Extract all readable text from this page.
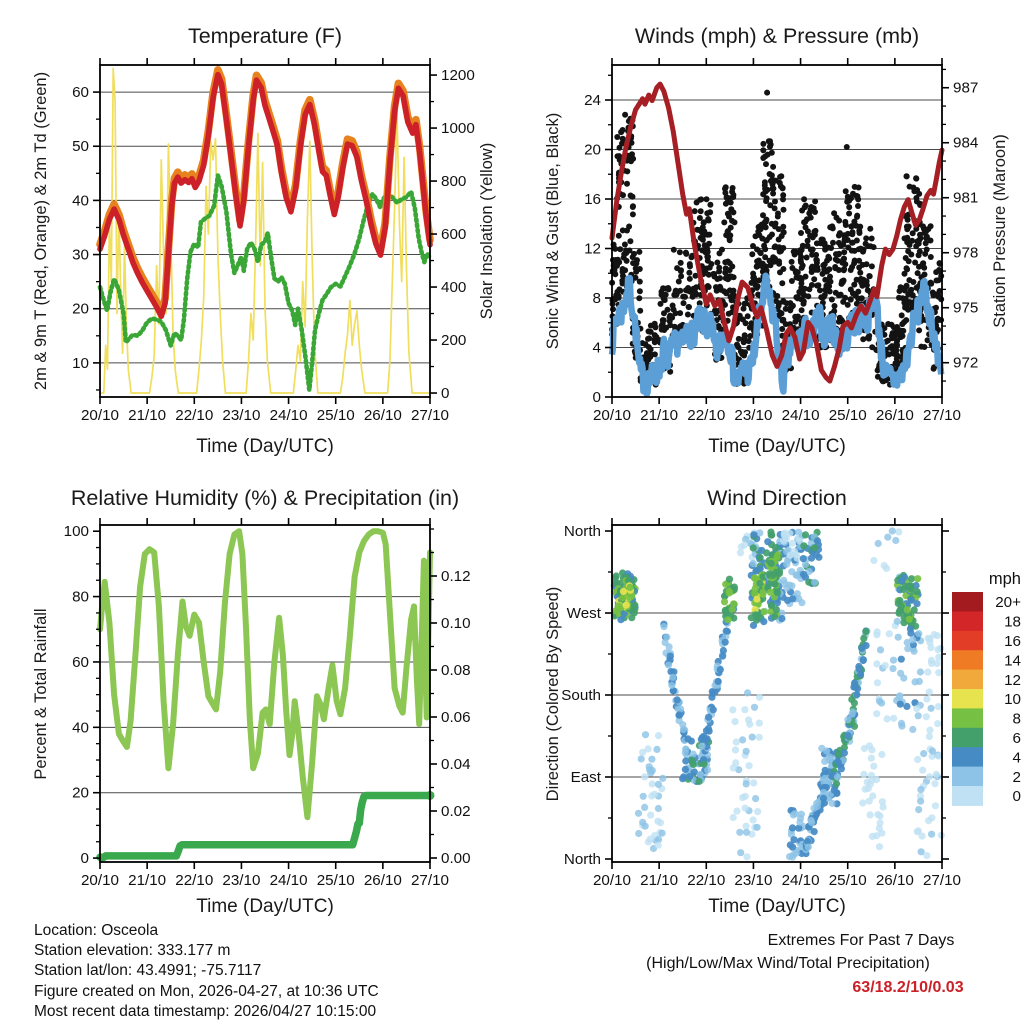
20/10 21/10 22/10 23/10 24/10 25/10 26/10 27/10
10
20
30
40
50
60
0
200
400
600
800
1000
1200
20/10 21/10 22/10 23/10 24/10 25/10 26/10 27/10
0
4
8
12
16
20
24
972
975
978
981
984
987
20/10 21/10 22/10 23/10 24/10 25/10 26/10 27/10
0
20
40
60
80
100
0.00
0.02
0.04
0.06
0.08
0.10
0.12
20/10 21/10 22/10 23/10 24/10 25/10 26/10 27/10
North
East
South
West
North
mph
20+
18
16
14
12
10
8
6
4
2
0
Temperature (F)	Winds (mph) & Pressure (mb)
Relative Humidity (%) & Precipitation (in)	Wind Direction
Time (Day/UTC)	Time (Day/UTC)
Time (Day/UTC)	Time (Day/UTC)
2m & 9m T (Red, Orange) & 2m Td (Green)	Solar Insolation (Yellow)	Sonic Wind & Gust (Blue, Black)	Station Pressure (Maroon)
Percent & Total Rainfall	Direction (Colored By Speed)
Location: Osceola
Station elevation: 333.177 m
Station lat/lon: 43.4991; -75.7117
Figure created on Mon, 2026-04-27, at 10:36 UTC
Most recent data timestamp: 2026/04/27 10:15:00
Extremes For Past 7 Days
(High/Low/Max Wind/Total Precipitation)
63/18.2/10/0.03
